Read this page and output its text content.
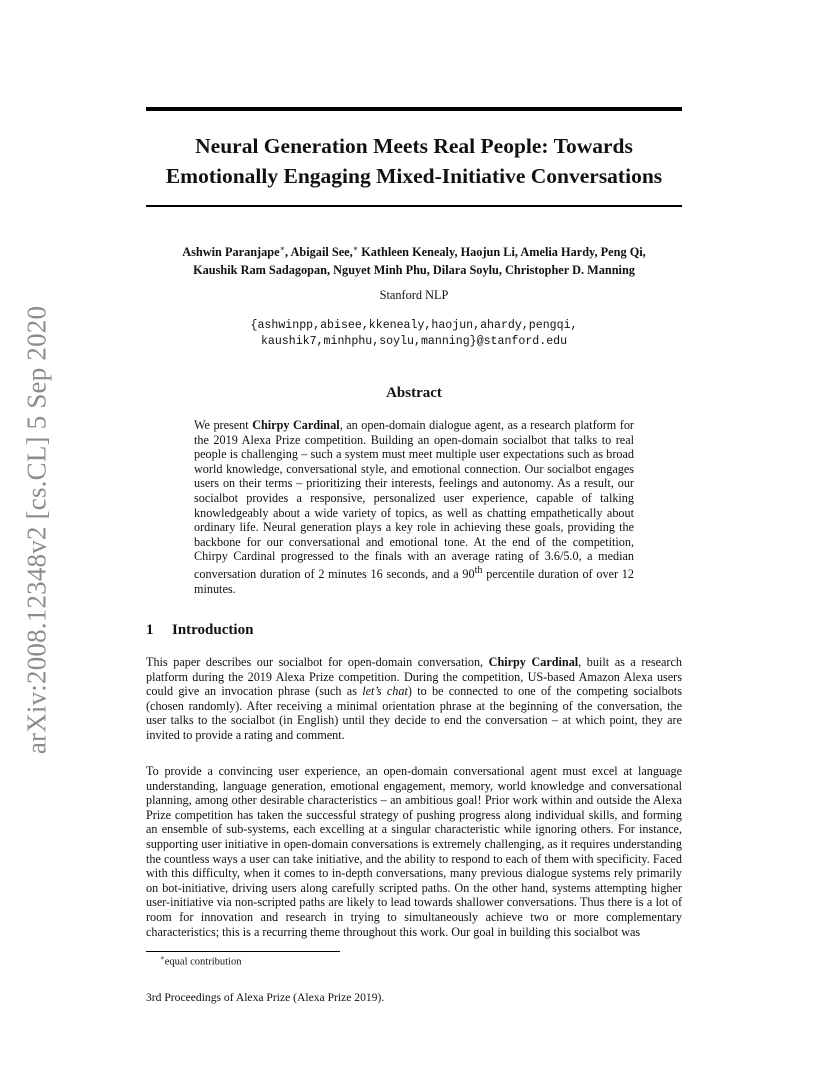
arXiv:2008.12348v2 [cs.CL] 5 Sep 2020
Neural Generation Meets Real People: Towards
Emotionally Engaging Mixed-Initiative Conversations
Ashwin Paranjape∗, Abigail See,∗ Kathleen Kenealy, Haojun Li, Amelia Hardy, Peng Qi,
Kaushik Ram Sadagopan, Nguyet Minh Phu, Dilara Soylu, Christopher D. Manning
Stanford NLP
{ashwinpp,abisee,kkenealy,haojun,ahardy,pengqi,
kaushik7,minhphu,soylu,manning}@stanford.edu
Abstract
We present Chirpy Cardinal, an open-domain dialogue agent, as a research platform for the 2019 Alexa Prize competition. Building an open-domain socialbot that talks to real people is challenging – such a system must meet multiple user expectations such as broad world knowledge, conversational style, and emotional connection. Our socialbot engages users on their terms – prioritizing their interests, feelings and autonomy. As a result, our socialbot provides a responsive, personalized user experience, capable of talking knowledgeably about a wide variety of topics, as well as chatting empathetically about ordinary life. Neural generation plays a key role in achieving these goals, providing the backbone for our conversational and emotional tone. At the end of the competition, Chirpy Cardinal progressed to the finals with an average rating of 3.6/5.0, a median conversation duration of 2 minutes 16 seconds, and a 90th percentile duration of over 12 minutes.
1 Introduction
This paper describes our socialbot for open-domain conversation, Chirpy Cardinal, built as a research platform during the 2019 Alexa Prize competition. During the competition, US-based Amazon Alexa users could give an invocation phrase (such as let’s chat) to be connected to one of the competing socialbots (chosen randomly). After receiving a minimal orientation phrase at the beginning of the conversation, the user talks to the socialbot (in English) until they decide to end the conversation – at which point, they are invited to provide a rating and comment.
To provide a convincing user experience, an open-domain conversational agent must excel at language understanding, language generation, emotional engagement, memory, world knowledge and conversational planning, among other desirable characteristics – an ambitious goal! Prior work within and outside the Alexa Prize competition has taken the successful strategy of pushing progress along individual skills, and forming an ensemble of sub-systems, each excelling at a singular characteristic while ignoring others. For instance, supporting user initiative in open-domain conversations is extremely challenging, as it requires understanding the countless ways a user can take initiative, and the ability to respond to each of them with specificity. Faced with this difficulty, when it comes to in-depth conversations, many previous dialogue systems rely primarily on bot-initiative, driving users along carefully scripted paths. On the other hand, systems attempting higher user-initiative via non-scripted paths are likely to lead towards shallower conversations. Thus there is a lot of room for innovation and research in trying to simultaneously achieve two or more complementary characteristics; this is a recurring theme throughout this work. Our goal in building this socialbot was
∗equal contribution
3rd Proceedings of Alexa Prize (Alexa Prize 2019).
